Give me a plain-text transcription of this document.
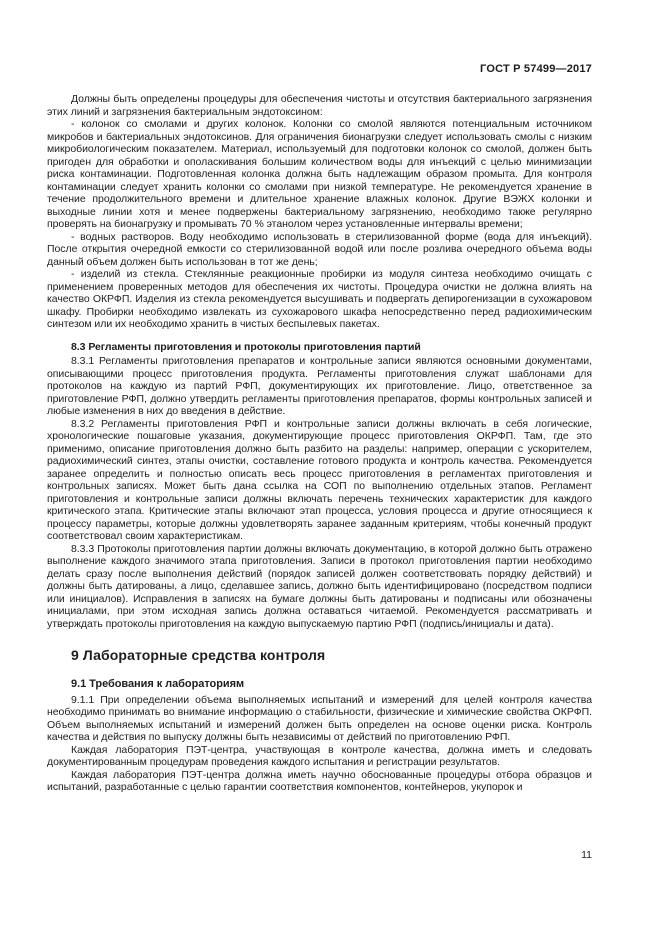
ГОСТ Р 57499—2017

Должны быть определены процедуры для обеспечения чистоты и отсутствия бактериального загрязнения этих линий и загрязнения бактериальным эндотоксином:

- колонок со смолами и других колонок. Колонки со смолой являются потенциальным источником микробов и бактериальных эндотоксинов. Для ограничения бионагрузки следует использовать смолы с низким микробиологическим показателем. Материал, используемый для подготовки колонок со смолой, должен быть пригоден для обработки и ополаскивания большим количеством воды для инъекций с целью минимизации риска контаминации. Подготовленная колонка должна быть надлежащим образом промыта. Для контроля контаминации следует хранить колонки со смолами при низкой температуре. Не рекомендуется хранение в течение продолжительного времени и длительное хранение влажных колонок. Другие ВЭЖХ колонки и выходные линии хотя и менее подвержены бактериальному загрязнению, необходимо также регулярно проверять на бионагрузку и промывать 70 % этанолом через установленные интервалы времени;

- водных растворов. Воду необходимо использовать в стерилизованной форме (вода для инъекций). После открытия очередной емкости со стерилизованной водой или после розлива очередного объема воды данный объем должен быть использован в тот же день;

- изделий из стекла. Стеклянные реакционные пробирки из модуля синтеза необходимо очищать с применением проверенных методов для обеспечения их чистоты. Процедура очистки не должна влиять на качество ОКРФП. Изделия из стекла рекомендуется высушивать и подвергать депирогенизации в сухожаровом шкафу. Пробирки необходимо извлекать из сухожарового шкафа непосредственно перед радиохимическим синтезом или их необходимо хранить в чистых беспылевых пакетах.

8.3 Регламенты приготовления и протоколы приготовления партий

8.3.1 Регламенты приготовления препаратов и контрольные записи являются основными документами, описывающими процесс приготовления продукта. Регламенты приготовления служат шаблонами для протоколов на каждую из партий РФП, документирующих их приготовление. Лицо, ответственное за приготовление РФП, должно утвердить регламенты приготовления препаратов, формы контрольных записей и любые изменения в них до введения в действие.

8.3.2 Регламенты приготовления РФП и контрольные записи должны включать в себя логические, хронологические пошаговые указания, документирующие процесс приготовления ОКРФП. Там, где это применимо, описание приготовления должно быть разбито на разделы: например, операции с ускорителем, радиохимический синтез, этапы очистки, составление готового продукта и контроль качества. Рекомендуется заранее определить и полностью описать весь процесс приготовления в регламентах приготовления и контрольных записях. Может быть дана ссылка на СОП по выполнению отдельных этапов. Регламент приготовления и контрольные записи должны включать перечень технических характеристик для каждого критического этапа. Критические этапы включают этап процесса, условия процесса и другие относящиеся к процессу параметры, которые должны удовлетворять заранее заданным критериям, чтобы конечный продукт соответствовал своим характеристикам.

8.3.3 Протоколы приготовления партии должны включать документацию, в которой должно быть отражено выполнение каждого значимого этапа приготовления. Записи в протокол приготовления партии необходимо делать сразу после выполнения действий (порядок записей должен соответствовать порядку действий) и должны быть датированы, а лицо, сделавшее запись, должно быть идентифицировано (посредством подписи или инициалов). Исправления в записях на бумаге должны быть датированы и подписаны или обозначены инициалами, при этом исходная запись должна оставаться читаемой. Рекомендуется рассматривать и утверждать протоколы приготовления на каждую выпускаемую партию РФП (подпись/инициалы и дата).

9 Лабораторные средства контроля

9.1 Требования к лабораториям

9.1.1 При определении объема выполняемых испытаний и измерений для целей контроля качества необходимо принимать во внимание информацию о стабильности, физические и химические свойства ОКРФП. Объем выполняемых испытаний и измерений должен быть определен на основе оценки риска. Контроль качества и действия по выпуску должны быть независимы от действий по приготовлению РФП.

Каждая лаборатория ПЭТ-центра, участвующая в контроле качества, должна иметь и следовать документированным процедурам проведения каждого испытания и регистрации результатов.

Каждая лаборатория ПЭТ-центра должна иметь научно обоснованные процедуры отбора образцов и испытаний, разработанные с целью гарантии соответствия компонентов, контейнеров, укупорок и

11
